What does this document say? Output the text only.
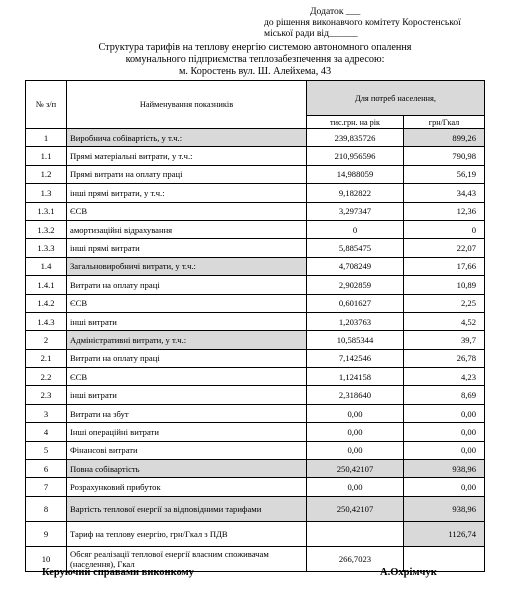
Додаток ___
до рішення виконавчого комітету Коростенської
міської ради від______
Структура тарифів на теплову енергію системою автономного опалення
комунального підприємства теплозабезпечення за адресою:
м. Коростень вул. Ш. Алейхема, 43
№ з/п	Найменування показників	Для потреб населення,	
		тис.грн. на рік	грн/Гкал
1	Виробнича собівартість, у т.ч.:	239,835726	899,26
1.1	Прямі матеріальні витрати, у т.ч.:	210,956596	790,98
1.2	Прямі витрати на оплату праці	14,988059	56,19
1.3	інші прямі витрати, у т.ч.:	9,182822	34,43
1.3.1	ЄСВ	3,297347	12,36
1.3.2	амортизаційні відрахування	0	0
1.3.3	інші прямі витрати	5,885475	22,07
1.4	Загальновиробничі витрати, у т.ч.:	4,708249	17,66
1.4.1	Витрати на оплату праці	2,902859	10,89
1.4.2	ЄСВ	0,601627	2,25
1.4.3	інші витрати	1,203763	4,52
2	Адміністративні витрати, у т.ч.:	10,585344	39,7
2.1	Витрати на оплату праці	7,142546	26,78
2.2	ЄСВ	1,124158	4,23
2.3	інші витрати	2,318640	8,69
3	Витрати на збут	0,00	0,00
4	Інші операційні витрати	0,00	0,00
5	Фінансові витрати	0,00	0,00
6	Повна собівартість	250,42107	938,96
7	Розрахунковий прибуток	0,00	0,00
8	Вартість теплової енергії за відповідними тарифами	250,42107	938,96
9	Тариф на теплову енергію, грн/Гкал з ПДВ		1126,74
10	Обсяг реалізації теплової енергії власним споживачам (населення), Гкал	266,7023	
Керуючий справами виконкому	А.Охрімчук
